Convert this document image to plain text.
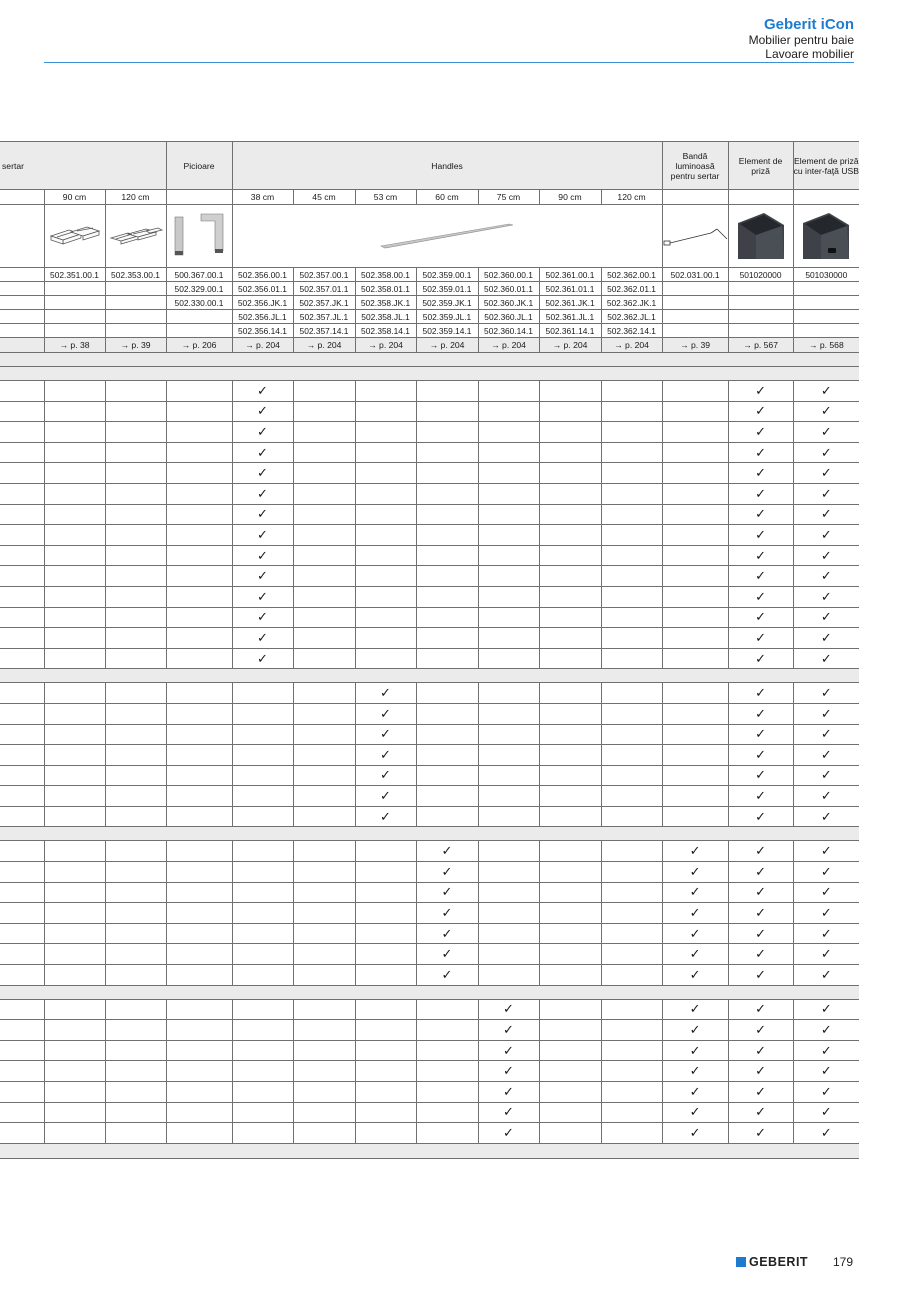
Geberit iCon
Mobilier pentru baie
Lavoare mobilier
sertar			Picioare	Handles							Bandă luminoasă pentru sertar	Element de priză	Element de priză cu inter-faţă USB
	90 cm	120 cm		38 cm	45 cm	53 cm	60 cm	75 cm	90 cm	120 cm			

	502.351.00.1	502.353.00.1	500.367.00.1	502.356.00.1	502.357.00.1	502.358.00.1	502.359.00.1	502.360.00.1	502.361.00.1	502.362.00.1	502.031.00.1	501020000	501030000
			502.329.00.1	502.356.01.1	502.357.01.1	502.358.01.1	502.359.01.1	502.360.01.1	502.361.01.1	502.362.01.1			
			502.330.00.1	502.356.JK.1	502.357.JK.1	502.358.JK.1	502.359.JK.1	502.360.JK.1	502.361.JK.1	502.362.JK.1			
				502.356.JL.1	502.357.JL.1	502.358.JL.1	502.359.JL.1	502.360.JL.1	502.361.JL.1	502.362.JL.1			
				502.356.14.1	502.357.14.1	502.358.14.1	502.359.14.1	502.360.14.1	502.361.14.1	502.362.14.1			
	→ p. 38	→ p. 39	→ p. 206	→ p. 204	→ p. 204	→ p. 204	→ p. 204	→ p. 204	→ p. 204	→ p. 204	→ p. 39	→ p. 567	→ p. 568

				✓								✓	✓
				✓								✓	✓
				✓								✓	✓
				✓								✓	✓
				✓								✓	✓
				✓								✓	✓
				✓								✓	✓
				✓								✓	✓
				✓								✓	✓
				✓								✓	✓
				✓								✓	✓
				✓								✓	✓
				✓								✓	✓
				✓								✓	✓

						✓						✓	✓
						✓						✓	✓
						✓						✓	✓
						✓						✓	✓
						✓						✓	✓
						✓						✓	✓
						✓						✓	✓

							✓				✓	✓	✓
							✓				✓	✓	✓
							✓				✓	✓	✓
							✓				✓	✓	✓
							✓				✓	✓	✓
							✓				✓	✓	✓
							✓				✓	✓	✓

								✓			✓	✓	✓
								✓			✓	✓	✓
								✓			✓	✓	✓
								✓			✓	✓	✓
								✓			✓	✓	✓
								✓			✓	✓	✓
								✓			✓	✓	✓

GEBERIT 179
